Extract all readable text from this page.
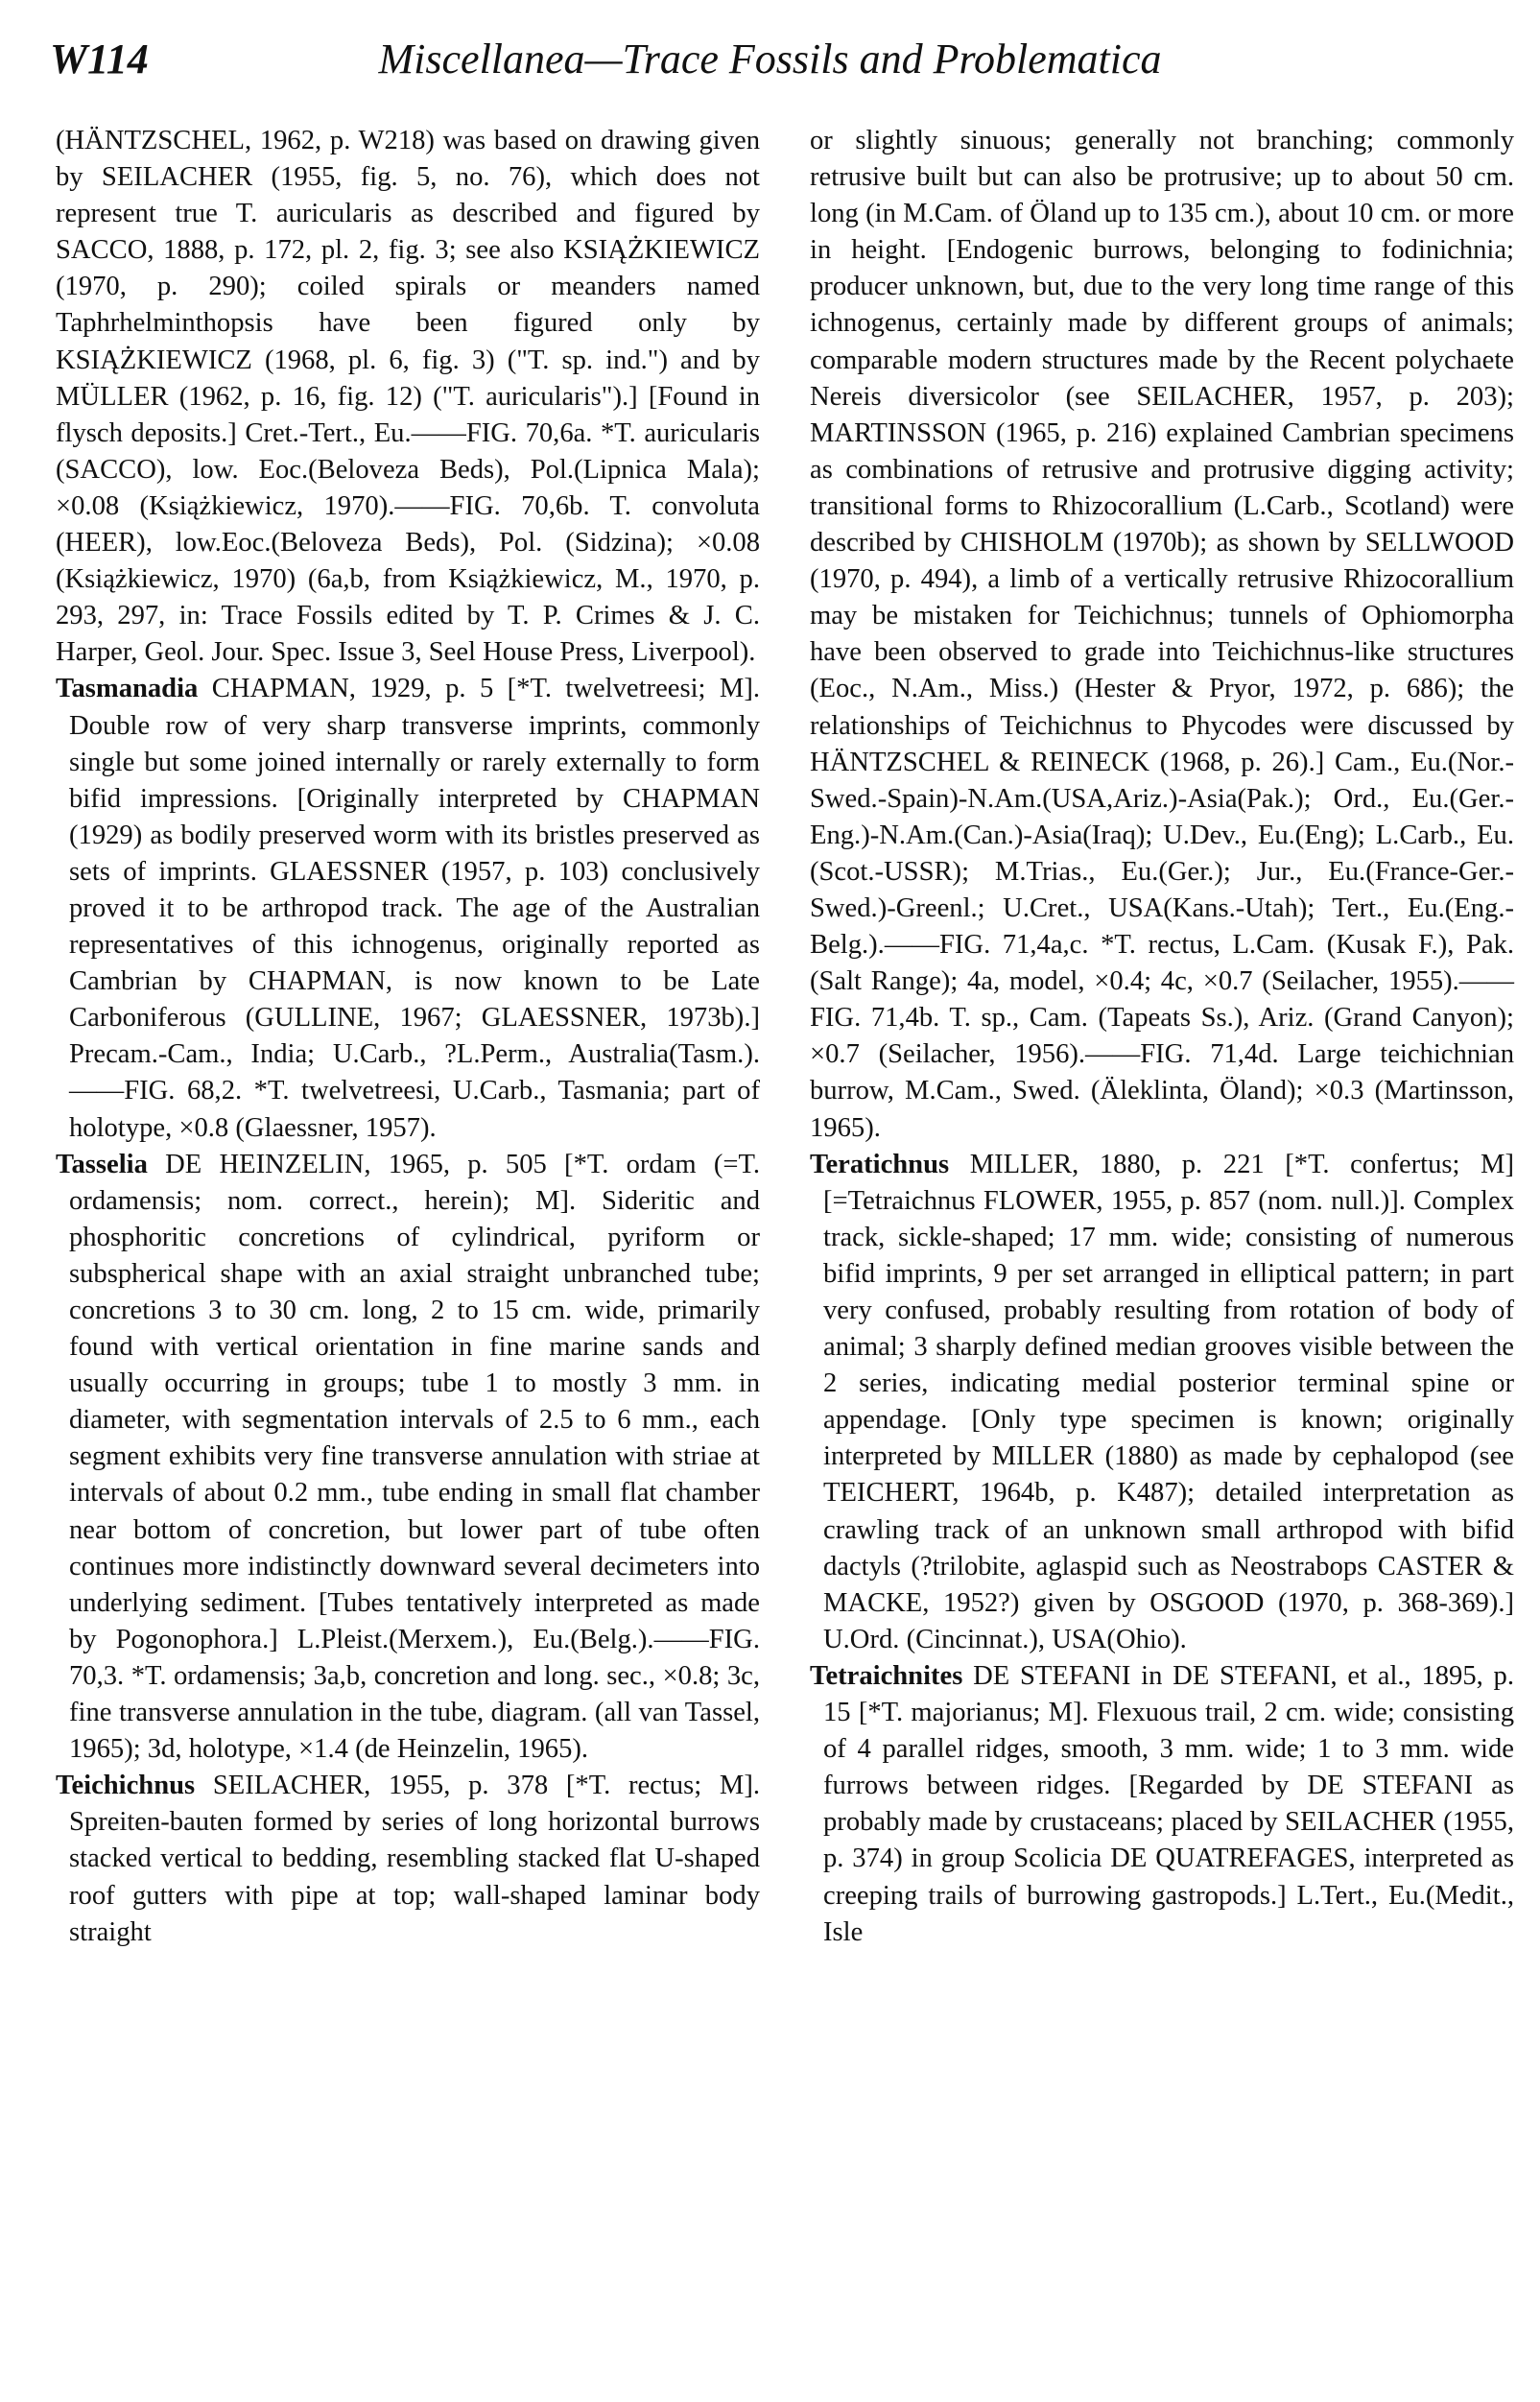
W114	Miscellanea—Trace Fossils and Problematica

(HÄNTZSCHEL, 1962, p. W218) was based on drawing given by SEILACHER (1955, fig. 5, no. 76), which does not represent true T. auricularis as described and figured by SACCO, 1888, p. 172, pl. 2, fig. 3; see also KSIĄŻKIEWICZ (1970, p. 290); coiled spirals or meanders named Taphrhelminthopsis have been figured only by KSIĄŻKIEWICZ (1968, pl. 6, fig. 3) ("T. sp. ind.") and by MÜLLER (1962, p. 16, fig. 12) ("T. auricularis").] [Found in flysch deposits.] Cret.-Tert., Eu.——FIG. 70,6a. *T. auricularis (SACCO), low. Eoc.(Beloveza Beds), Pol.(Lipnica Mala); ×0.08 (Książkiewicz, 1970).——FIG. 70,6b. T. convoluta (HEER), low.Eoc.(Beloveza Beds), Pol. (Sidzina); ×0.08 (Książkiewicz, 1970) (6a,b, from Książkiewicz, M., 1970, p. 293, 297, in: Trace Fossils edited by T. P. Crimes & J. C. Harper, Geol. Jour. Spec. Issue 3, Seel House Press, Liverpool).

Tasmanadia CHAPMAN, 1929, p. 5 [*T. twelvetreesi; M]. Double row of very sharp transverse imprints, commonly single but some joined internally or rarely externally to form bifid impressions. [Originally interpreted by CHAPMAN (1929) as bodily preserved worm with its bristles preserved as sets of imprints. GLAESSNER (1957, p. 103) conclusively proved it to be arthropod track. The age of the Australian representatives of this ichnogenus, originally reported as Cambrian by CHAPMAN, is now known to be Late Carboniferous (GULLINE, 1967; GLAESSNER, 1973b).] Precam.-Cam., India; U.Carb., ?L.Perm., Australia(Tasm.).——FIG. 68,2. *T. twelvetreesi, U.Carb., Tasmania; part of holotype, ×0.8 (Glaessner, 1957).

Tasselia DE HEINZELIN, 1965, p. 505 [*T. ordam (=T. ordamensis; nom. correct., herein); M]. Sideritic and phosphoritic concretions of cylindrical, pyriform or subspherical shape with an axial straight unbranched tube; concretions 3 to 30 cm. long, 2 to 15 cm. wide, primarily found with vertical orientation in fine marine sands and usually occurring in groups; tube 1 to mostly 3 mm. in diameter, with segmentation intervals of 2.5 to 6 mm., each segment exhibits very fine transverse annulation with striae at intervals of about 0.2 mm., tube ending in small flat chamber near bottom of concretion, but lower part of tube often continues more indistinctly downward several decimeters into underlying sediment. [Tubes tentatively interpreted as made by Pogonophora.] L.Pleist.(Merxem.), Eu.(Belg.).——FIG. 70,3. *T. ordamensis; 3a,b, concretion and long. sec., ×0.8; 3c, fine transverse annulation in the tube, diagram. (all van Tassel, 1965); 3d, holotype, ×1.4 (de Heinzelin, 1965).

Teichichnus SEILACHER, 1955, p. 378 [*T. rectus; M]. Spreiten-bauten formed by series of long horizontal burrows stacked vertical to bedding, resembling stacked flat U-shaped roof gutters with pipe at top; wall-shaped laminar body straight

or slightly sinuous; generally not branching; commonly retrusive built but can also be protrusive; up to about 50 cm. long (in M.Cam. of Öland up to 135 cm.), about 10 cm. or more in height. [Endogenic burrows, belonging to fodinichnia; producer unknown, but, due to the very long time range of this ichnogenus, certainly made by different groups of animals; comparable modern structures made by the Recent polychaete Nereis diversicolor (see SEILACHER, 1957, p. 203); MARTINSSON (1965, p. 216) explained Cambrian specimens as combinations of retrusive and protrusive digging activity; transitional forms to Rhizocorallium (L.Carb., Scotland) were described by CHISHOLM (1970b); as shown by SELLWOOD (1970, p. 494), a limb of a vertically retrusive Rhizocorallium may be mistaken for Teichichnus; tunnels of Ophiomorpha have been observed to grade into Teichichnus-like structures (Eoc., N.Am., Miss.) (Hester & Pryor, 1972, p. 686); the relationships of Teichichnus to Phycodes were discussed by HÄNTZSCHEL & REINECK (1968, p. 26).] Cam., Eu.(Nor.-Swed.-Spain)-N.Am.(USA,Ariz.)-Asia(Pak.); Ord., Eu.(Ger.-Eng.)-N.Am.(Can.)-Asia(Iraq); U.Dev., Eu.(Eng); L.Carb., Eu.(Scot.-USSR); M.Trias., Eu.(Ger.); Jur., Eu.(France-Ger.-Swed.)-Greenl.; U.Cret., USA(Kans.-Utah); Tert., Eu.(Eng.-Belg.).——FIG. 71,4a,c. *T. rectus, L.Cam. (Kusak F.), Pak.(Salt Range); 4a, model, ×0.4; 4c, ×0.7 (Seilacher, 1955).——FIG. 71,4b. T. sp., Cam. (Tapeats Ss.), Ariz. (Grand Canyon); ×0.7 (Seilacher, 1956).——FIG. 71,4d. Large teichichnian burrow, M.Cam., Swed. (Äleklinta, Öland); ×0.3 (Martinsson, 1965).

Teratichnus MILLER, 1880, p. 221 [*T. confertus; M] [=Tetraichnus FLOWER, 1955, p. 857 (nom. null.)]. Complex track, sickle-shaped; 17 mm. wide; consisting of numerous bifid imprints, 9 per set arranged in elliptical pattern; in part very confused, probably resulting from rotation of body of animal; 3 sharply defined median grooves visible between the 2 series, indicating medial posterior terminal spine or appendage. [Only type specimen is known; originally interpreted by MILLER (1880) as made by cephalopod (see TEICHERT, 1964b, p. K487); detailed interpretation as crawling track of an unknown small arthropod with bifid dactyls (?trilobite, aglaspid such as Neostrabops CASTER & MACKE, 1952?) given by OSGOOD (1970, p. 368-369).] U.Ord. (Cincinnat.), USA(Ohio).

Tetraichnites DE STEFANI in DE STEFANI, et al., 1895, p. 15 [*T. majorianus; M]. Flexuous trail, 2 cm. wide; consisting of 4 parallel ridges, smooth, 3 mm. wide; 1 to 3 mm. wide furrows between ridges. [Regarded by DE STEFANI as probably made by crustaceans; placed by SEILACHER (1955, p. 374) in group Scolicia DE QUATREFAGES, interpreted as creeping trails of burrowing gastropods.] L.Tert., Eu.(Medit., Isle
